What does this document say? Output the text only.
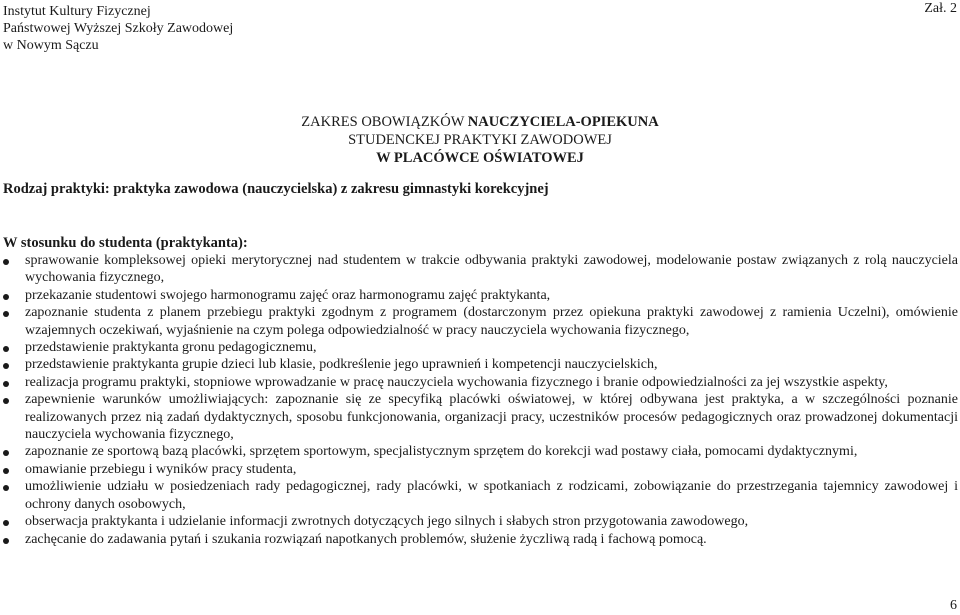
Instytut Kultury Fizycznej
Państwowej Wyższej Szkoły Zawodowej
w Nowym Sączu
Zał. 2
ZAKRES OBOWIĄZKÓW NAUCZYCIELA-OPIEKUNA
STUDENCKEJ PRAKTYKI ZAWODOWEJ
W PLACÓWCE OŚWIATOWEJ
Rodzaj praktyki: praktyka zawodowa (nauczycielska) z zakresu gimnastyki korekcyjnej
W stosunku do studenta (praktykanta):
sprawowanie kompleksowej opieki merytorycznej nad studentem w trakcie odbywania praktyki zawodowej, modelowanie postaw związanych z rolą nauczyciela wychowania fizycznego,
przekazanie studentowi swojego harmonogramu zajęć oraz harmonogramu zajęć praktykanta,
zapoznanie studenta z planem przebiegu praktyki zgodnym z programem (dostarczonym przez opiekuna praktyki zawodowej z ramienia Uczelni), omówienie wzajemnych oczekiwań, wyjaśnienie na czym polega odpowiedzialność w pracy nauczyciela wychowania fizycznego,
przedstawienie praktykanta gronu pedagogicznemu,
przedstawienie praktykanta grupie dzieci lub klasie, podkreślenie jego uprawnień i kompetencji nauczycielskich,
realizacja programu praktyki, stopniowe wprowadzanie w pracę nauczyciela wychowania fizycznego i branie odpowiedzialności za jej wszystkie aspekty,
zapewnienie warunków umożliwiających: zapoznanie się ze specyfiką placówki oświatowej, w której odbywana jest praktyka, a w szczególności poznanie realizowanych przez nią zadań dydaktycznych, sposobu funkcjonowania, organizacji pracy, uczestników procesów pedagogicznych oraz prowadzonej dokumentacji nauczyciela wychowania fizycznego,
zapoznanie ze sportową bazą placówki, sprzętem sportowym, specjalistycznym sprzętem do korekcji wad postawy ciała, pomocami dydaktycznymi,
omawianie przebiegu i wyników pracy studenta,
umożliwienie udziału w posiedzeniach rady pedagogicznej, rady placówki, w spotkaniach z rodzicami, zobowiązanie do przestrzegania tajemnicy zawodowej i ochrony danych osobowych,
obserwacja praktykanta i udzielanie informacji zwrotnych dotyczących jego silnych i słabych stron przygotowania zawodowego,
zachęcanie do zadawania pytań i szukania rozwiązań napotkanych problemów, służenie życzliwą radą i fachową pomocą.
6
